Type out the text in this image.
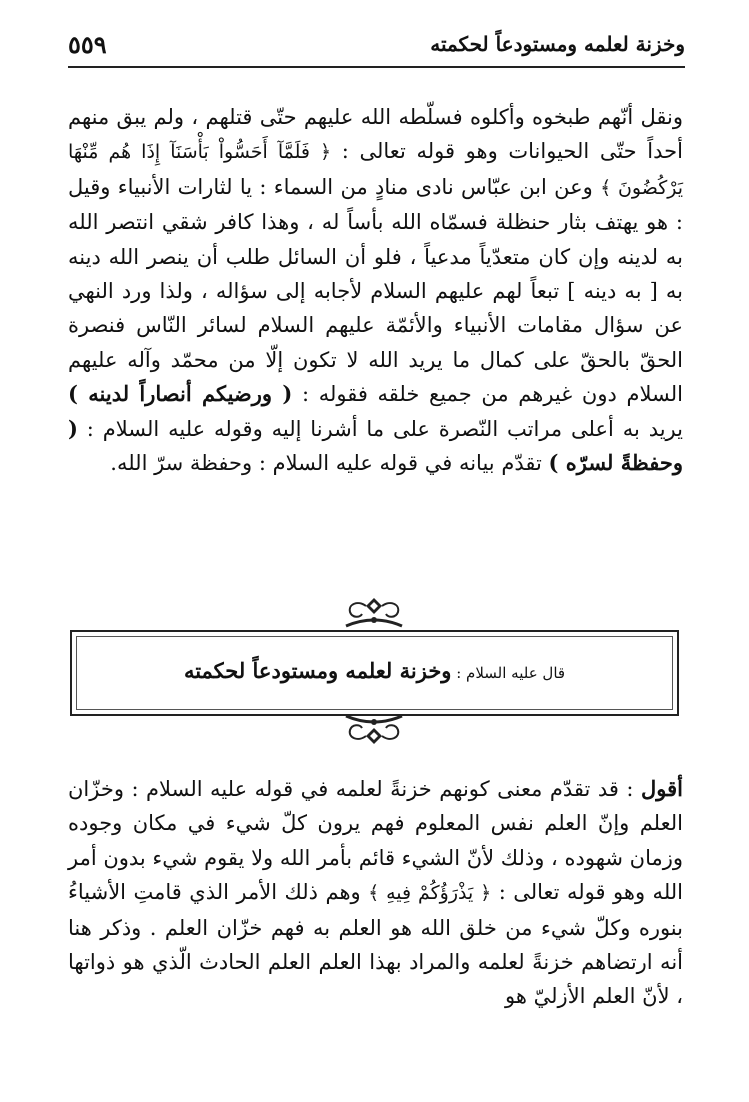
وخزنة لعلمه ومستودعاً لحكمته
٥٥٩

ونقل أنّهم طبخوه وأكلوه فسلّطه الله عليهم حتّى قتلهم ، ولم يبق منهم أحداً حتّى الحيوانات وهو قوله تعالى : ﴿ فَلَمَّآ أَحَسُّواْ بَأْسَنَآ إِذَا هُم مِّنْهَا يَرْكُضُونَ ﴾ وعن ابن عبّاس نادى منادٍ من السماء : يا لثارات الأنبياء وقيل : هو يهتف بثار حنظلة فسمّاه الله بأساً له ، وهذا كافر شقي انتصر الله به لدينه وإن كان متعدّياً مدعياً ، فلو أن السائل طلب أن ينصر الله دينه به [ به دينه ] تبعاً لهم عليهم السلام لأجابه إلى سؤاله ، ولذا ورد النهي عن سؤال مقامات الأنبياء والأئمّة عليهم السلام لسائر النّاس فنصرة الحقّ بالحقّ على كمال ما يريد الله لا تكون إلّا من محمّد وآله عليهم السلام دون غيرهم من جميع خلقه فقوله : ( ورضيكم أنصاراً لدينه ) يريد به أعلى مراتب النّصرة على ما أشرنا إليه وقوله عليه السلام : ( وحفظةً لسرّه ) تقدّم بيانه في قوله عليه السلام : وحفظة سرّ الله.

قال عليه السلام : وخزنة لعلمه ومستودعاً لحكمته

أقول : قد تقدّم معنى كونهم خزنةً لعلمه في قوله عليه السلام : وخزّان العلم وإنّ العلم نفس المعلوم فهم يرون كلّ شيء في مكان وجوده وزمان شهوده ، وذلك لأنّ الشيء قائم بأمر الله ولا يقوم شيء بدون أمر الله وهو قوله تعالى : ﴿ يَذْرَؤُكُمْ فِيهِ ﴾ وهم ذلك الأمر الذي قامتِ الأشياءُ بنوره وكلّ شيء من خلق الله هو العلم به فهم خزّان العلم . وذكر هنا أنه ارتضاهم خزنةً لعلمه والمراد بهذا العلم العلم الحادث الّذي هو ذواتها ، لأنّ العلم الأزليّ هو
